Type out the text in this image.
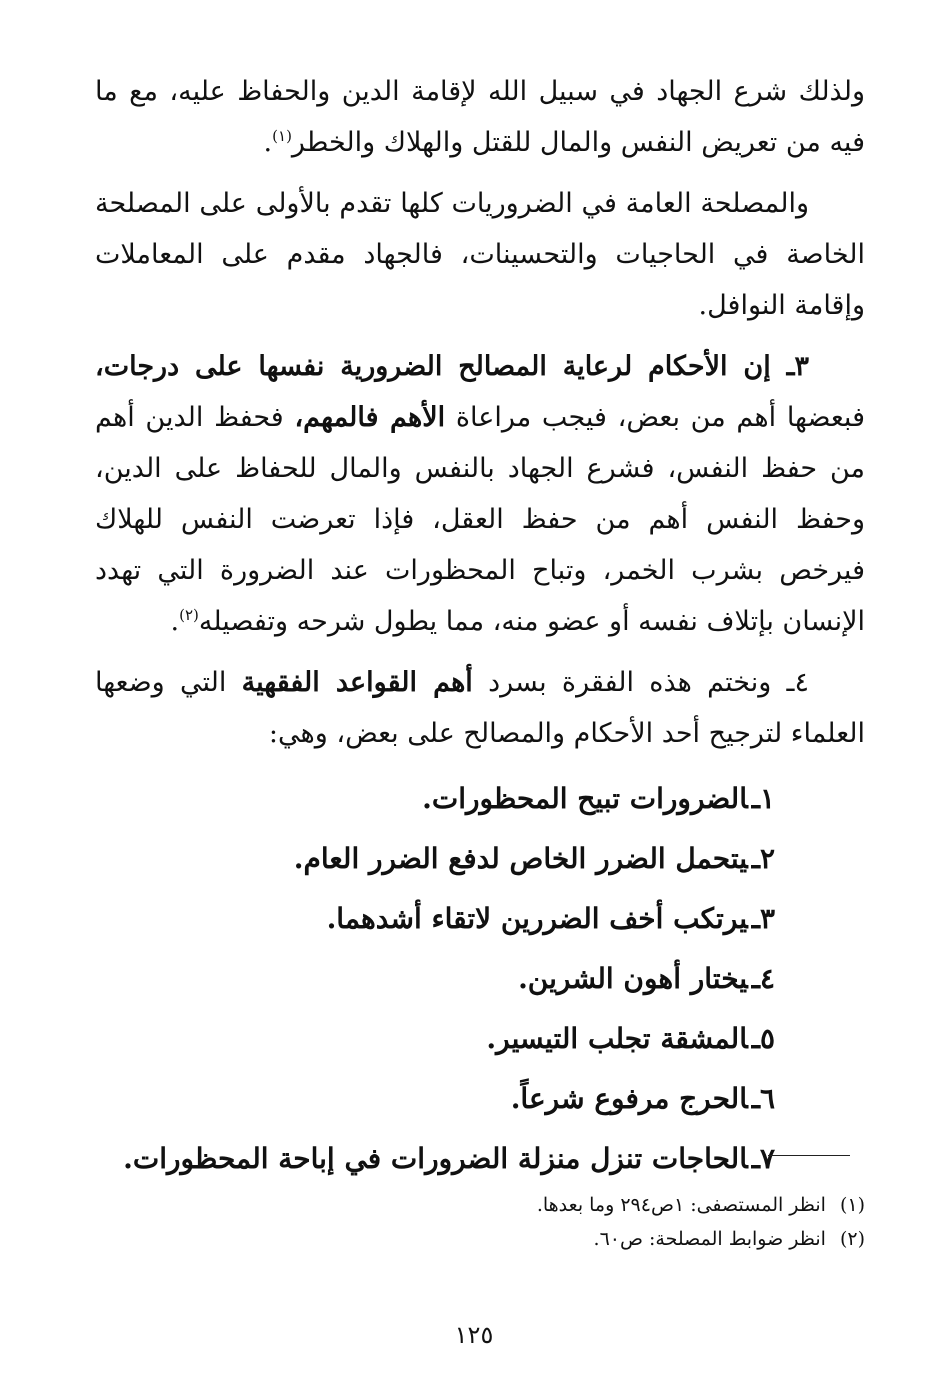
ولذلك شرع الجهاد في سبيل الله لإقامة الدين والحفاظ عليه، مع ما فيه من تعريض النفس والمال للقتل والهلاك والخطر$^{(١)}$.

والمصلحة العامة في الضروريات كلها تقدم بالأولى على المصلحة الخاصة في الحاجيات والتحسينات، فالجهاد مقدم على المعاملات وإقامة النوافل.

٣ـ إن الأحكام لرعاية المصالح الضرورية نفسها على درجات، فبعضها أهم من بعض، فيجب مراعاة الأهم فالمهم، فحفظ الدين أهم من حفظ النفس، فشرع الجهاد بالنفس والمال للحفاظ على الدين، وحفظ النفس أهم من حفظ العقل، فإذا تعرضت النفس للهلاك فيرخص بشرب الخمر، وتباح المحظورات عند الضرورة التي تهدد الإنسان بإتلاف نفسه أو عضو منه، مما يطول شرحه وتفصيله$^{(٢)}$.

٤ـ ونختم هذه الفقرة بسرد أهم القواعد الفقهية التي وضعها العلماء لترجيح أحد الأحكام والمصالح على بعض، وهي:

١ـالضرورات تبيح المحظورات.
٢ـيتحمل الضرر الخاص لدفع الضرر العام.
٣ـيرتكب أخف الضررين لاتقاء أشدهما.
٤ـيختار أهون الشرين.
٥ـالمشقة تجلب التيسير.
٦ـالحرج مرفوع شرعاً.
٧ـالحاجات تنزل منزلة الضرورات في إباحة المحظورات.

(١)انظر المستصفى: ١ص٢٩٤ وما بعدها.

(٢)انظر ضوابط المصلحة: ص٦٠.

١٢٥
